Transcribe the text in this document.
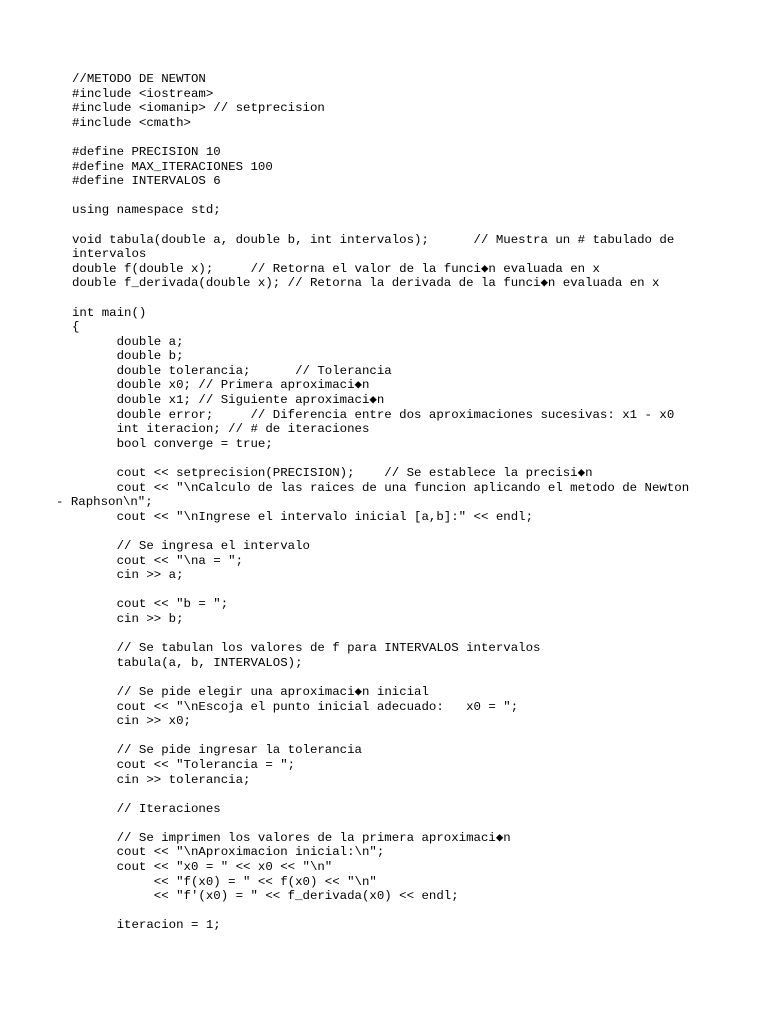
//METODO DE NEWTON
#include <iostream>
#include <iomanip> // setprecision
#include <cmath>
#define PRECISION 10
#define MAX_ITERACIONES 100
#define INTERVALOS 6
using namespace std;
void tabula(double a, double b, int intervalos);      // Muestra un # tabulado de
intervalos
double f(double x);     // Retorna el valor de la funci◆n evaluada en x
double f_derivada(double x); // Retorna la derivada de la funci◆n evaluada en x
int main()
{
double a;
double b;
double tolerancia;      // Tolerancia
double x0; // Primera aproximaci◆n
double x1; // Siguiente aproximaci◆n
double error;     // Diferencia entre dos aproximaciones sucesivas: x1 - x0
int iteracion; // # de iteraciones
bool converge = true;
cout << setprecision(PRECISION);    // Se establece la precisi◆n
cout << "\nCalculo de las raices de una funcion aplicando el metodo de Newton
- Raphson\n";
cout << "\nIngrese el intervalo inicial [a,b]:" << endl;
// Se ingresa el intervalo
cout << "\na = ";
cin >> a;
cout << "b = ";
cin >> b;
// Se tabulan los valores de f para INTERVALOS intervalos
tabula(a, b, INTERVALOS);
// Se pide elegir una aproximaci◆n inicial
cout << "\nEscoja el punto inicial adecuado:   x0 = ";
cin >> x0;
// Se pide ingresar la tolerancia
cout << "Tolerancia = ";
cin >> tolerancia;
// Iteraciones
// Se imprimen los valores de la primera aproximaci◆n
cout << "\nAproximacion inicial:\n";
cout << "x0 = " << x0 << "\n"
<< "f(x0) = " << f(x0) << "\n"
<< "f'(x0) = " << f_derivada(x0) << endl;
iteracion = 1;
